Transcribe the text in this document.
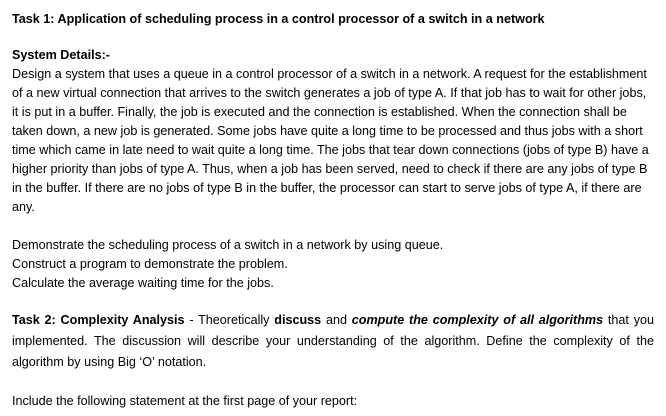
Task 1: Application of scheduling process in a control processor of a switch in a network

System Details:-

Design a system that uses a queue in a control processor of a switch in a network. A request for the establishment of a new virtual connection that arrives to the switch generates a job of type A. If that job has to wait for other jobs, it is put in a buffer. Finally, the job is executed and the connection is established. When the connection shall be taken down, a new job is generated. Some jobs have quite a long time to be processed and thus jobs with a short time which came in late need to wait quite a long time. The jobs that tear down connections (jobs of type B) have a higher priority than jobs of type A. Thus, when a job has been served, need to check if there are any jobs of type B in the buffer. If there are no jobs of type B in the buffer, the processor can start to serve jobs of type A, if there are any.

Demonstrate the scheduling process of a switch in a network by using queue.
Construct a program to demonstrate the problem.
Calculate the average waiting time for the jobs.

Task 2: Complexity Analysis - Theoretically discuss and compute the complexity of all algorithms that you implemented. The discussion will describe your understanding of the algorithm. Define the complexity of the algorithm by using Big ‘O’ notation.

Include the following statement at the first page of your report:
